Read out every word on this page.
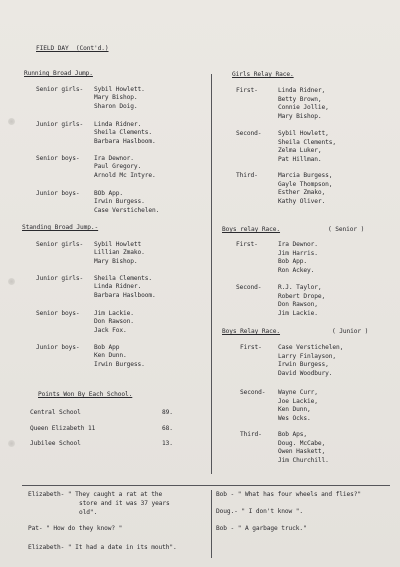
FIELD DAY  (Cont'd.)
Running Broad Jump.
Senior girls- Sybil Howlett.
Mary Bishop.
Sharon Doig.
Junior girls- Linda Ridner.
Sheila Clements.
Barbara Haslboom.
Senior boys- Ira Dewnor.
Paul Gregory.
Arnold Mc Intyre.
Junior boys- BOb App.
Irwin Burgess.
Case Verstichelen.
Standing Broad Jump.-
Senior girls- Sybil Howlett
Lillian Zmako.
Mary Bishop.
Junior girls- Sheila Clements.
Linda Ridner.
Barbara Haslboom.
Senior boys- Jim Lackie.
Don Rawson.
Jack Fox.
Junior boys- Bob App
Ken Dunn.
Irwin Burgess.
Points Won By Each School.
Central School	89.
Queen Elizabeth 11	68.
Jubilee School	13.
Girls Relay Race.
First-	Linda Ridner,
Betty Brown,
Connie Jollie,
Mary Bishop.
Second-	Sybil Howlett,
Sheila Clements,
Zelma Luker,
Pat Hillman.
Third-	Marcia Burgess,
Gayle Thompson,
Esther Zmako,
Kathy Oliver.
Boys relay Race.	( Senior )
First-	Ira Dewnor.
Jim Harris.
Bob App.
Ron Ackey.
Second-	R.J. Taylor,
Robert Drope,
Don Rawson,
Jim Lackie.
Boys Relay Race.	( Junior )
First-	Case Verstichelen,
Larry Finlayson,
Irwin Burgess,
David Woodbury.
Second- Wayne Curr,
Joe Lackie,
Ken Dunn,
Wes Ocks.
Third-	Bob Aps,
Doug. McCabe,
Owen Haskett,
Jim Churchill.
Elizabeth- " They caught a rat at the
store and it was 37 years
old".
Pat- " How do they know? "
Elizabeth- " It had a date in its mouth".
Bob - " What has four wheels and flies?"
Doug.- " I don't know ".
Bob - " A garbage truck."
